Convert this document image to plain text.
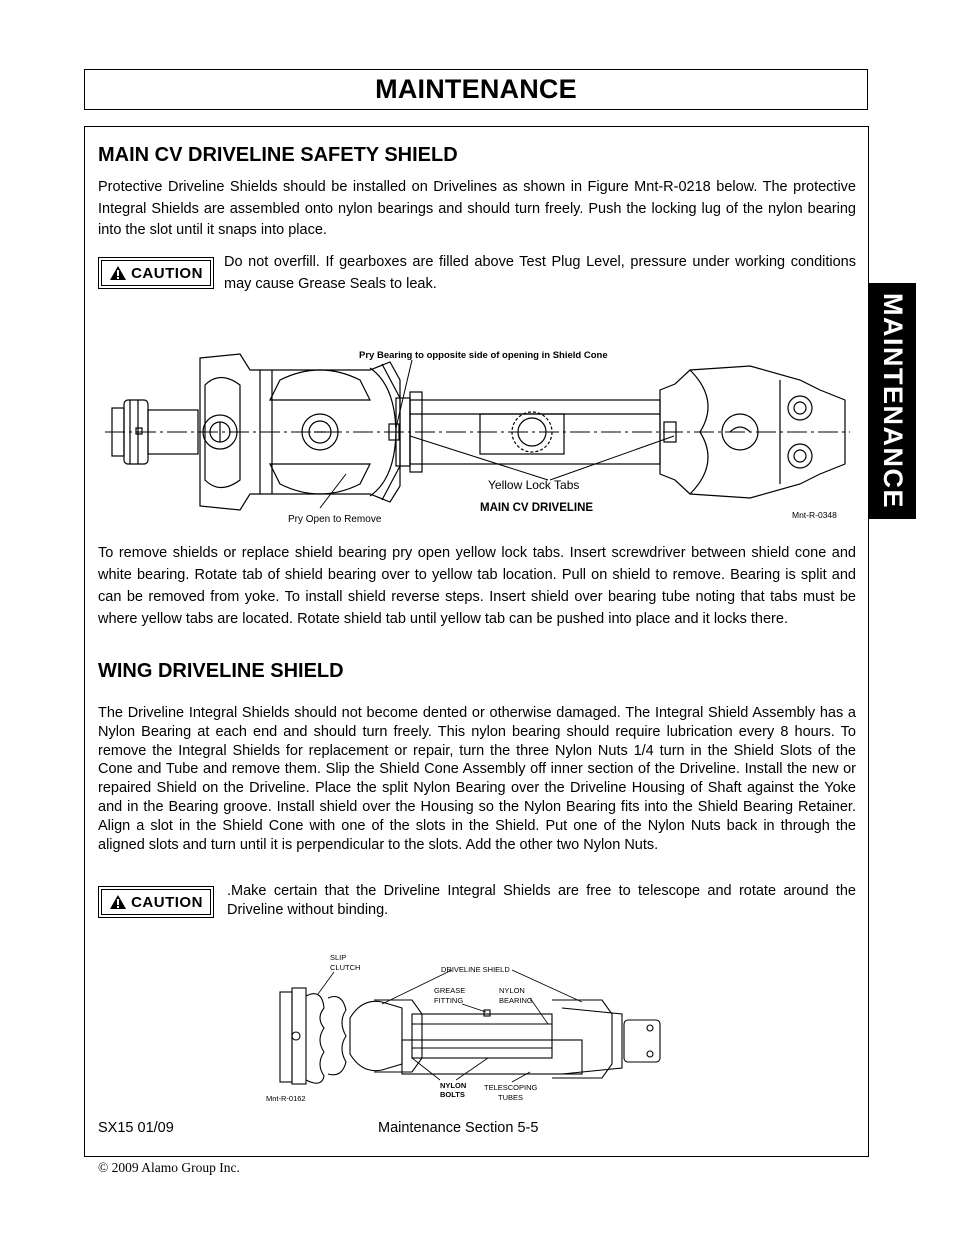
MAINTENANCE
MAINTENANCE
MAIN CV DRIVELINE SAFETY SHIELD

Protective Driveline Shields should be installed on Drivelines as shown in Figure Mnt-R-0218 below. The protective Integral Shields are assembled onto nylon bearings and should turn freely. Push the locking lug of the nylon bearing into the slot until it snaps into place.

CAUTION

Do not overfill. If gearboxes are filled above Test Plug Level, pressure under working conditions may cause Grease Seals to leak.

Pry Bearing to opposite side of opening in Shield Cone
Yellow Lock Tabs
MAIN CV DRIVELINE
Pry Open to Remove	Mnt-R-0348

To remove shields or replace shield bearing pry open yellow lock tabs. Insert screwdriver between shield cone and white bearing. Rotate tab of shield bearing over to yellow tab location. Pull on shield to remove. Bearing is split and can be removed from yoke. To install shield reverse steps. Insert shield over bearing tube noting that tabs must be where yellow tabs are located. Rotate shield tab until yellow tab can be pushed into place and it locks there.

WING DRIVELINE SHIELD

The Driveline Integral Shields should not become dented or otherwise damaged. The Integral Shield Assembly has a Nylon Bearing at each end and should turn freely. This nylon bearing should require lubrication every 8 hours. To remove the Integral Shields for replacement or repair, turn the three Nylon Nuts 1/4 turn in the Shield Slots of the Cone and Tube and remove them. Slip the Shield Cone Assembly off inner section of the Driveline. Install the new or repaired Shield on the Driveline. Place the split Nylon Bearing over the Driveline Housing of Shaft against the Yoke and in the Bearing groove. Install shield over the Housing so the Nylon Bearing fits into the Shield Bearing Retainer. Align a slot in the Shield Cone with one of the slots in the Shield. Put one of the Nylon Nuts back in through the aligned slots and turn until it is perpendicular to the slots. Add the other two Nylon Nuts.

CAUTION

.Make certain that the Driveline Integral Shields are free to telescope and rotate around the Driveline without binding.

SLIP
CLUTCH	DRIVELINE SHIELD
GREASE
FITTING
NYLON
BEARING
NYLON
BOLTS
TELESCOPING
TUBES
Mnt-R-0162
SX15 01/09	Maintenance Section 5-5
© 2009 Alamo Group Inc.
